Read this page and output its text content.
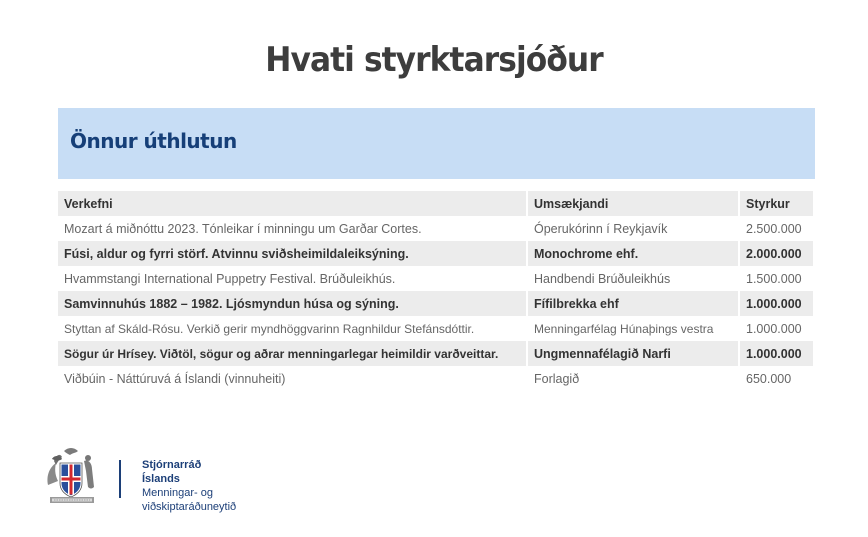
Hvati styrktarsjóður
Önnur úthlutun
Verkefni	Umsækjandi	Styrkur
Mozart á miðnóttu 2023. Tónleikar í minningu um Garðar Cortes.	Óperukórinn í Reykjavík	2.500.000
Fúsi, aldur og fyrri störf. Atvinnu sviðsheimildaleiksýning.	Monochrome ehf.	2.000.000
Hvammstangi International Puppetry Festival. Brúðuleikhús.	Handbendi Brúðuleikhús	1.500.000
Samvinnuhús 1882 – 1982. Ljósmyndun húsa og sýning.	Fífilbrekka ehf	1.000.000
Styttan af Skáld-Rósu. Verkið gerir myndhöggvarinn Ragnhildur Stefánsdóttir.	Menningarfélag Húnaþings vestra	1.000.000
Sögur úr Hrísey. Viðtöl, sögur og aðrar menningarlegar heimildir varðveittar.	Ungmennafélagið Narfi	1.000.000
Viðbúin - Náttúruvá á Íslandi (vinnuheiti)	Forlagið	650.000
Stjórnarráð Íslands
Menningar- og
viðskiptaráðuneytið
